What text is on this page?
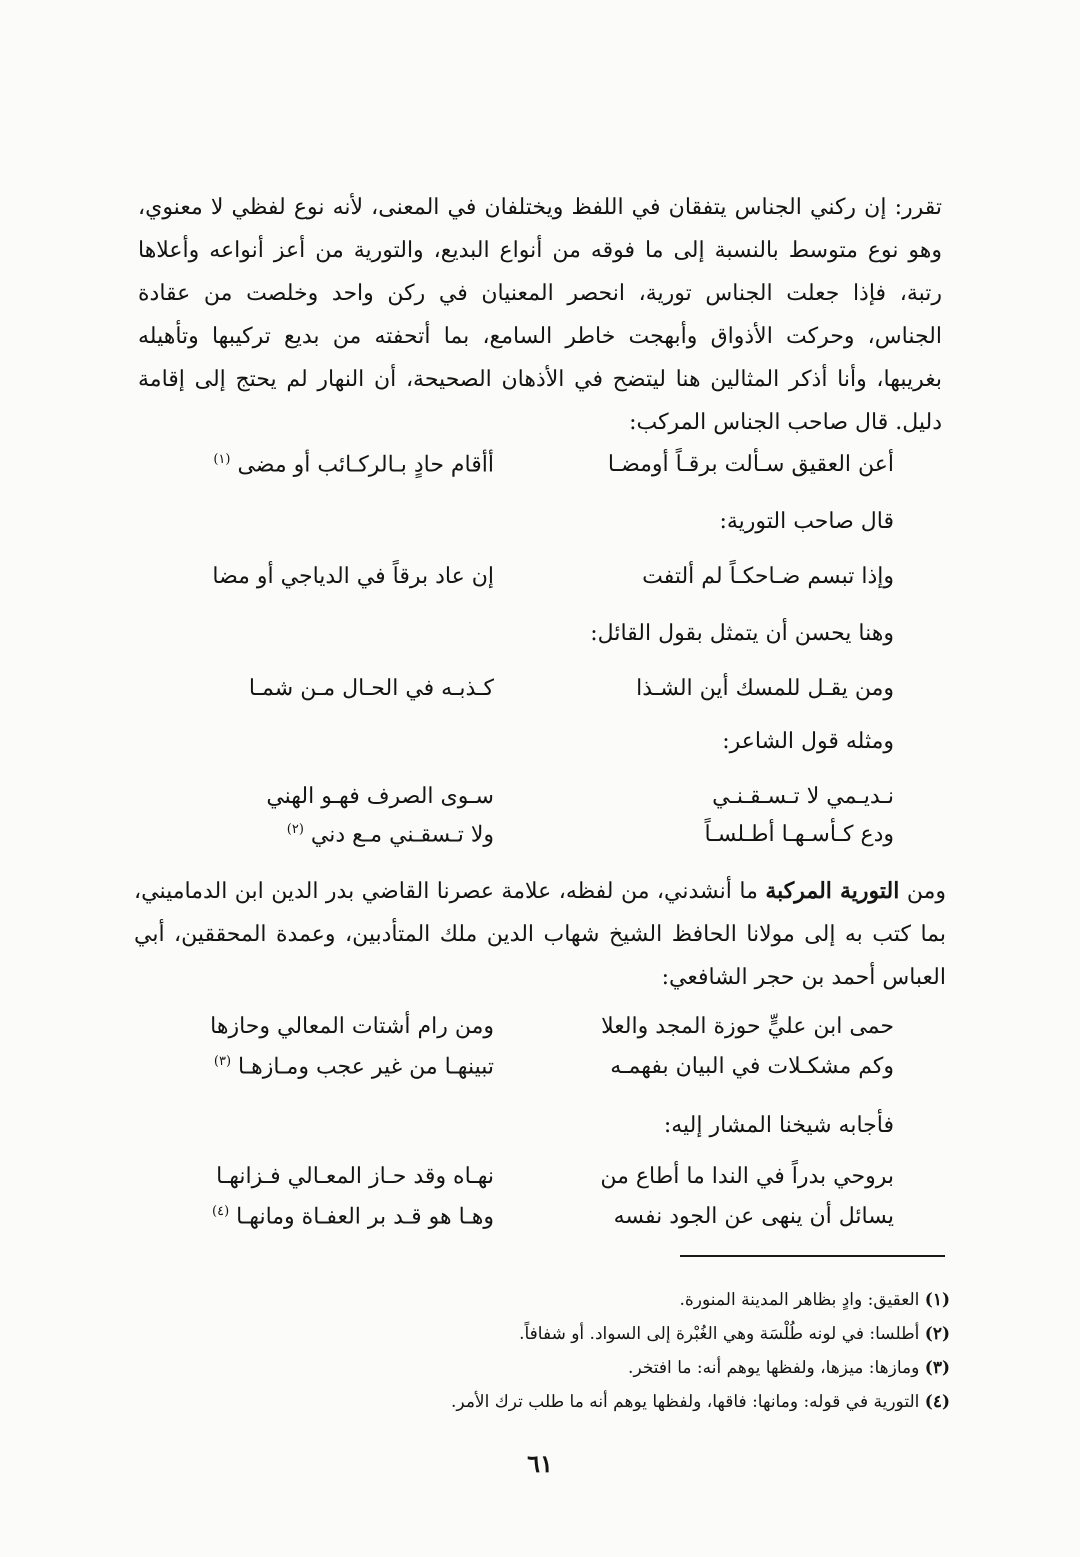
تقرر: إن ركني الجناس يتفقان في اللفظ ويختلفان في المعنى، لأنه نوع لفظي لا معنوي، وهو نوع متوسط بالنسبة إلى ما فوقه من أنواع البديع، والتورية من أعز أنواعه وأعلاها رتبة، فإذا جعلت الجناس تورية، انحصر المعنيان في ركن واحد وخلصت من عقادة الجناس، وحركت الأذواق وأبهجت خاطر السامع، بما أتحفته من بديع تركيبها وتأهيله بغريبها، وأنا أذكر المثالين هنا ليتضح في الأذهان الصحيحة، أن النهار لم يحتج إلى إقامة دليل. قال صاحب الجناس المركب:
أعن العقيق سـألت برقـاً أومضـا
أأقام حادٍ بـالركـائب أو مضى $^{(١)}$
قال صاحب التورية:
وإذا تبسم ضـاحكـاً لم ألتفت
إن عاد برقاً في الدياجي أو مضا
وهنا يحسن أن يتمثل بقول القائل:
ومن يقـل للمسك أين الشـذا
كـذبـه في الحـال مـن شمـا
ومثله قول الشاعر:
نـديـمي لا تـسـقـنـي
سـوى الصرف فهـو الهني
ودع كـأسـهـا أطـلسـاً
ولا تـسقـني مـع دني $^{(٢)}$
ومن التورية المركبة ما أنشدني، من لفظه، علامة عصرنا القاضي بدر الدين ابن الدماميني، بما كتب به إلى مولانا الحافظ الشيخ شهاب الدين ملك المتأدبين، وعمدة المحققين، أبي العباس أحمد بن حجر الشافعي:
حمى ابن عليٍّ حوزة المجد والعلا
ومن رام أشتات المعالي وحازها
وكم مشكـلات في البيان بفهمـه
تبينهـا من غير عجب ومـازهـا $^{(٣)}$
فأجابه شيخنا المشار إليه:
بروحي بدراً في الندا ما أطاع من
نهـاه وقد حـاز المعـالي فـزانهـا
يسائل أن ينهى عن الجود نفسه
وهـا هو قـد بر العفـاة ومانهـا $^{(٤)}$
(١) العقيق: وادٍ بظاهر المدينة المنورة.
(٢) أطلسا: في لونه طُلْسَة وهي الغُبْرة إلى السواد. أو شفافاً.
(٣) ومازها: ميزها، ولفظها يوهم أنه: ما افتخر.
(٤) التورية في قوله: ومانها: فاقها، ولفظها يوهم أنه ما طلب ترك الأمر.
٦١
